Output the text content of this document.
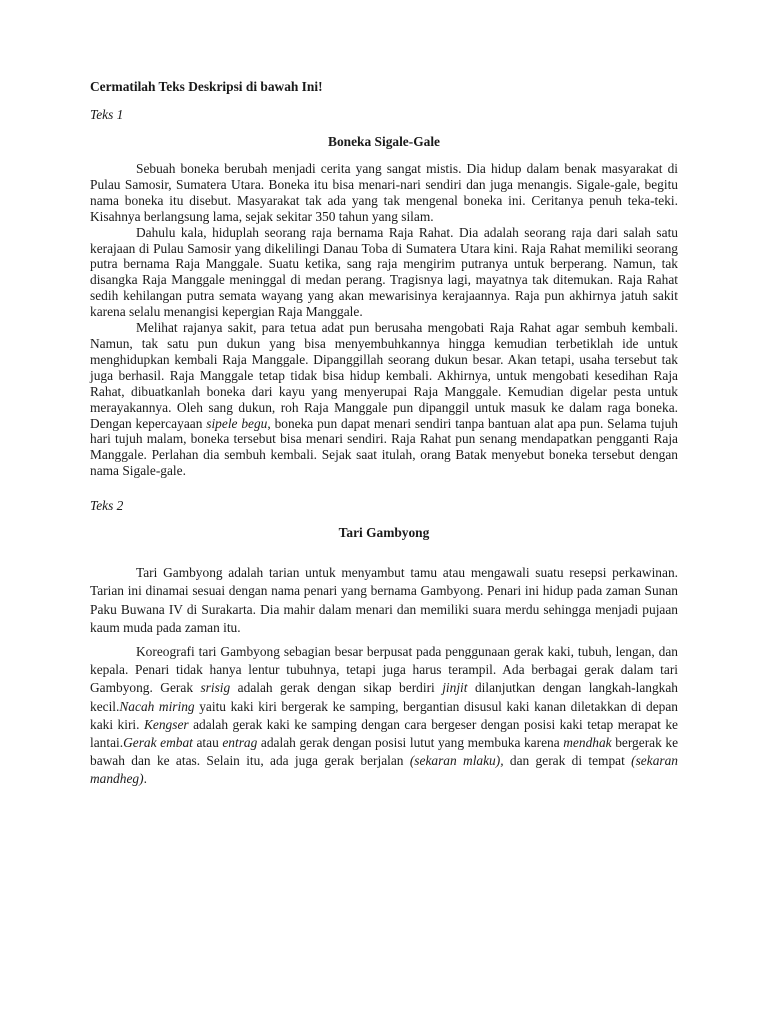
Cermatilah Teks Deskripsi di bawah Ini!

Teks 1

Boneka Sigale-Gale

Sebuah boneka berubah menjadi cerita yang sangat mistis. Dia hidup dalam benak masyarakat di Pulau Samosir, Sumatera Utara. Boneka itu bisa menari-nari sendiri dan juga menangis. Sigale-gale, begitu nama boneka itu disebut. Masyarakat tak ada yang tak mengenal boneka ini. Ceritanya penuh teka-teki. Kisahnya berlangsung lama, sejak sekitar 350 tahun yang silam.

Dahulu kala, hiduplah seorang raja bernama Raja Rahat. Dia adalah seorang raja dari salah satu kerajaan di Pulau Samosir yang dikelilingi Danau Toba di Sumatera Utara kini. Raja Rahat memiliki seorang putra bernama Raja Manggale. Suatu ketika, sang raja mengirim putranya untuk berperang. Namun, tak disangka Raja Manggale meninggal di medan perang. Tragisnya lagi, mayatnya tak ditemukan. Raja Rahat sedih kehilangan putra semata wayang yang akan mewarisinya kerajaannya. Raja pun akhirnya jatuh sakit karena selalu menangisi kepergian Raja Manggale.

Melihat rajanya sakit, para tetua adat pun berusaha mengobati Raja Rahat agar sembuh kembali. Namun, tak satu pun dukun yang bisa menyembuhkannya hingga kemudian terbetiklah ide untuk menghidupkan kembali Raja Manggale. Dipanggillah seorang dukun besar. Akan tetapi, usaha tersebut tak juga berhasil. Raja Manggale tetap tidak bisa hidup kembali. Akhirnya, untuk mengobati kesedihan Raja Rahat, dibuatkanlah boneka dari kayu yang menyerupai Raja Manggale. Kemudian digelar pesta untuk merayakannya. Oleh sang dukun, roh Raja Manggale pun dipanggil untuk masuk ke dalam raga boneka. Dengan kepercayaan sipele begu, boneka pun dapat menari sendiri tanpa bantuan alat apa pun. Selama tujuh hari tujuh malam, boneka tersebut bisa menari sendiri. Raja Rahat pun senang mendapatkan pengganti Raja Manggale. Perlahan dia sembuh kembali. Sejak saat itulah, orang Batak menyebut boneka tersebut dengan nama Sigale-gale.

Teks 2

Tari Gambyong

Tari Gambyong adalah tarian untuk menyambut tamu atau mengawali suatu resepsi perkawinan. Tarian ini dinamai sesuai dengan nama penari yang bernama Gambyong. Penari ini hidup pada zaman Sunan Paku Buwana IV di Surakarta. Dia mahir dalam menari dan memiliki suara merdu sehingga menjadi pujaan kaum muda pada zaman itu.

Koreografi tari Gambyong sebagian besar berpusat pada penggunaan gerak kaki, tubuh, lengan, dan kepala. Penari tidak hanya lentur tubuhnya, tetapi juga harus terampil. Ada berbagai gerak dalam tari Gambyong. Gerak srisig adalah gerak dengan sikap berdiri jinjit dilanjutkan dengan langkah-langkah kecil.Nacah miring yaitu kaki kiri bergerak ke samping, bergantian disusul kaki kanan diletakkan di depan kaki kiri. Kengser adalah gerak kaki ke samping dengan cara bergeser dengan posisi kaki tetap merapat ke lantai.Gerak embat atau entrag adalah gerak dengan posisi lutut yang membuka karena mendhak bergerak ke bawah dan ke atas. Selain itu, ada juga gerak berjalan (sekaran mlaku), dan gerak di tempat (sekaran mandheg).
